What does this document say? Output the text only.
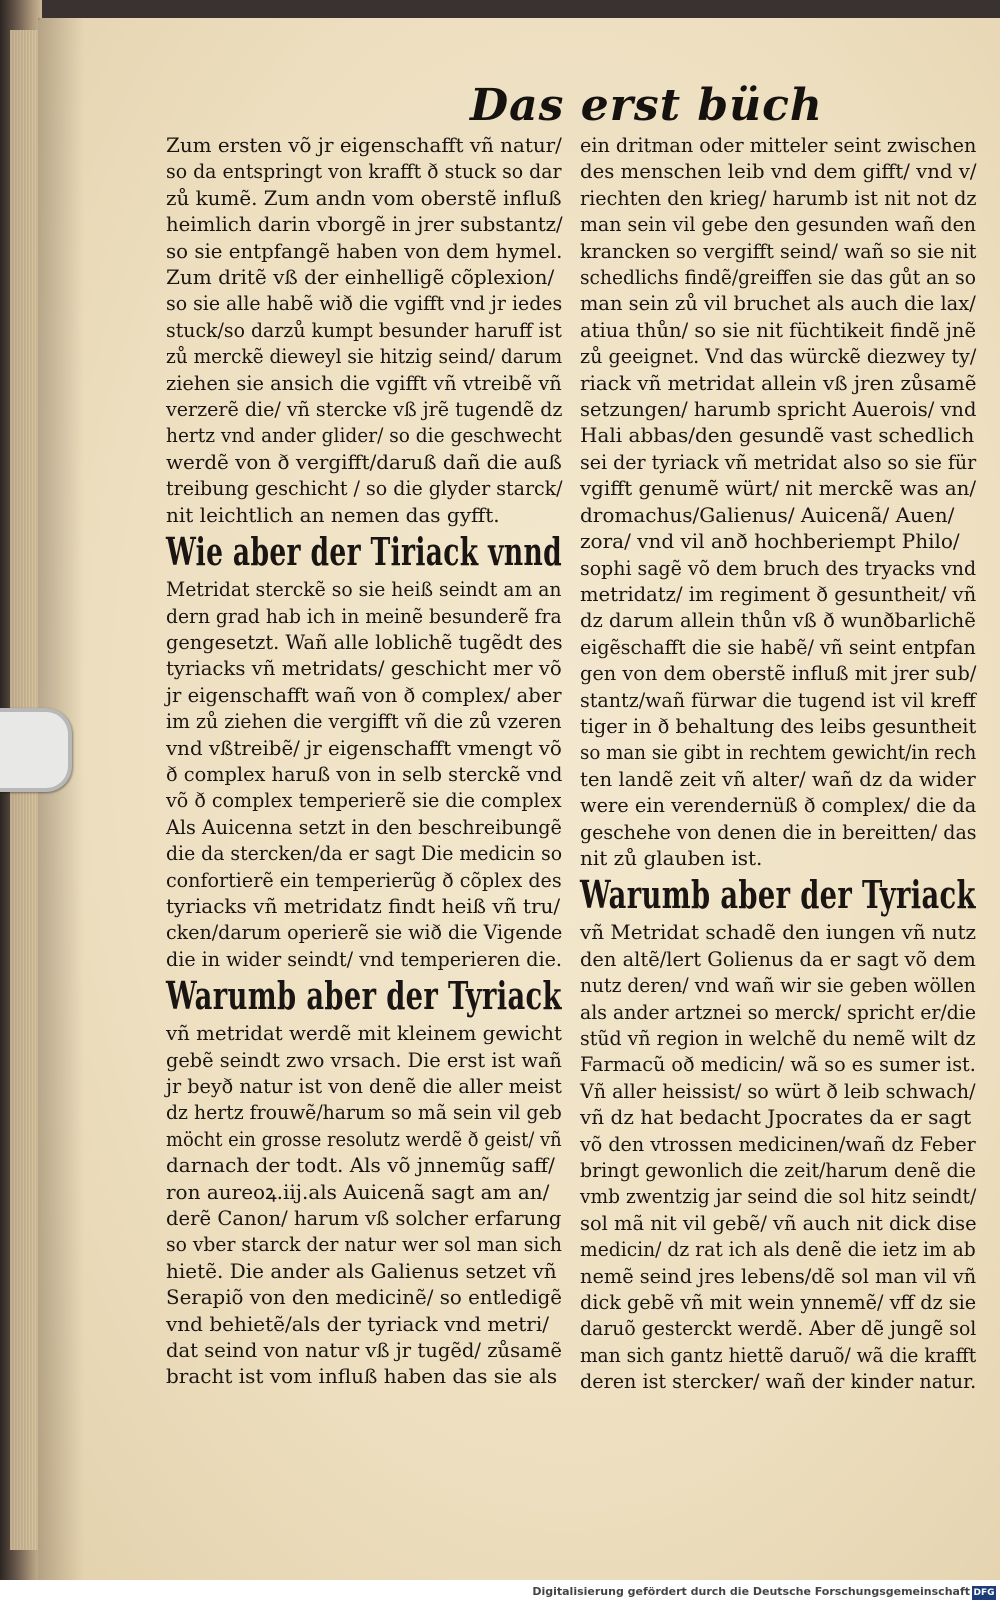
Das erst büch
Zum ersten võ jr eigenschafft vñ natur/
so da entspringt von krafft ð stuck so dar
zů kumẽ. Zum andn vom oberstẽ influß
heimlich darin vborgẽ in jrer substantz/
so sie entpfangẽ haben von dem hymel.
Zum dritẽ vß der einhelligẽ cõplexion/
so sie alle habẽ wið die vgifft vnd jr iedes
stuck/so darzů kumpt besunder haruff ist
zů merckẽ dieweyl sie hitzig seind/ darum
ziehen sie ansich die vgifft vñ vtreibẽ vñ
verzerẽ die/ vñ stercke vß jrẽ tugendẽ dz
hertz vnd ander glider/ so die geschwecht
werdẽ von ð vergifft/daruß dañ die auß
treibung geschicht / so die glyder starck/
nit leichtlich an nemen das gyfft.
Wie aber der Tiriack vnnd
Metridat sterckẽ so sie heiß seindt am an
dern grad hab ich in meinẽ besunderẽ fra
gengesetzt. Wañ alle loblichẽ tugẽdt des
tyriacks vñ metridats/ geschicht mer võ
jr eigenschafft wañ von ð complex/ aber
im zů ziehen die vergifft vñ die zů vzeren
vnd vßtreibẽ/ jr eigenschafft vmengt võ
ð complex haruß von in selb sterckẽ vnd
võ ð complex temperierẽ sie die complex
Als Auicenna setzt in den beschreibungẽ
die da stercken/da er sagt Die medicin so
confortierẽ ein temperierũg ð cõplex des
tyriacks vñ metridatz findt heiß vñ tru/
cken/darum operierẽ sie wið die Vigende
die in wider seindt/ vnd temperieren die.
Warumb aber der Tyriack
vñ metridat werdẽ mit kleinem gewicht
gebẽ seindt zwo vrsach. Die erst ist wañ
jr beyð natur ist von denẽ die aller meist
dz hertz frouwẽ/harum so mã sein vil geb
möcht ein grosse resolutz werdẽ ð geist/ vñ
darnach der todt. Als võ jnnemũg saff/
ron aureoꝝ.iij.als Auicenã sagt am an/
derẽ Canon/ harum vß solcher erfarung
so vber starck der natur wer sol man sich
hietẽ. Die ander als Galienus setzet vñ
Serapiõ von den medicinẽ/ so entledigẽ
vnd behietẽ/als der tyriack vnd metri/
dat seind von natur vß jr tugẽd/ zůsamẽ
bracht ist vom influß haben das sie als
ein dritman oder mitteler seint zwischen
des menschen leib vnd dem gifft/ vnd v/
riechten den krieg/ harumb ist nit not dz
man sein vil gebe den gesunden wañ den
krancken so vergifft seind/ wañ so sie nit
schedlichs findẽ/greiffen sie das gůt an so
man sein zů vil bruchet als auch die lax/
atiua thůn/ so sie nit füchtikeit findẽ jnẽ
zů geeignet. Vnd das würckẽ diezwey ty/
riack vñ metridat allein vß jren zůsamẽ
setzungen/ harumb spricht Auerois/ vnd
Hali abbas/den gesundẽ vast schedlich
sei der tyriack vñ metridat also so sie für
vgifft genumẽ würt/ nit merckẽ was an/
dromachus/Galienus/ Auicenã/ Auen/
zora/ vnd vil anð hochberiempt Philo/
sophi sagẽ võ dem bruch des tryacks vnd
metridatz/ im regiment ð gesuntheit/ vñ
dz darum allein thůn vß ð wunðbarlichẽ
eigẽschafft die sie habẽ/ vñ seint entpfan
gen von dem oberstẽ influß mit jrer sub/
stantz/wañ fürwar die tugend ist vil kreff
tiger in ð behaltung des leibs gesuntheit
so man sie gibt in rechtem gewicht/in rech
ten landẽ zeit vñ alter/ wañ dz da wider
were ein verendernüß ð complex/ die da
geschehe von denen die in bereitten/ das
nit zů glauben ist.
Warumb aber der Tyriack
vñ Metridat schadẽ den iungen vñ nutz
den altẽ/lert Golienus da er sagt võ dem
nutz deren/ vnd wañ wir sie geben wöllen
als ander artznei so merck/ spricht er/die
stũd vñ region in welchẽ du nemẽ wilt dz
Farmacũ oð medicin/ wã so es sumer ist.
Vñ aller heissist/ so würt ð leib schwach/
vñ dz hat bedacht Jpocrates da er sagt
võ den vtrossen medicinen/wañ dz Feber
bringt gewonlich die zeit/harum denẽ die
vmb zwentzig jar seind die sol hitz seindt/
sol mã nit vil gebẽ/ vñ auch nit dick dise
medicin/ dz rat ich als denẽ die ietz im ab
nemẽ seind jres lebens/dẽ sol man vil vñ
dick gebẽ vñ mit wein ynnemẽ/ vff dz sie
daruõ gesterckt werdẽ. Aber dẽ jungẽ sol
man sich gantz hiettẽ daruõ/ wã die krafft
deren ist stercker/ wañ der kinder natur.
Digitalisierung gefördert durch die Deutsche Forschungsgemeinschaft DFG
